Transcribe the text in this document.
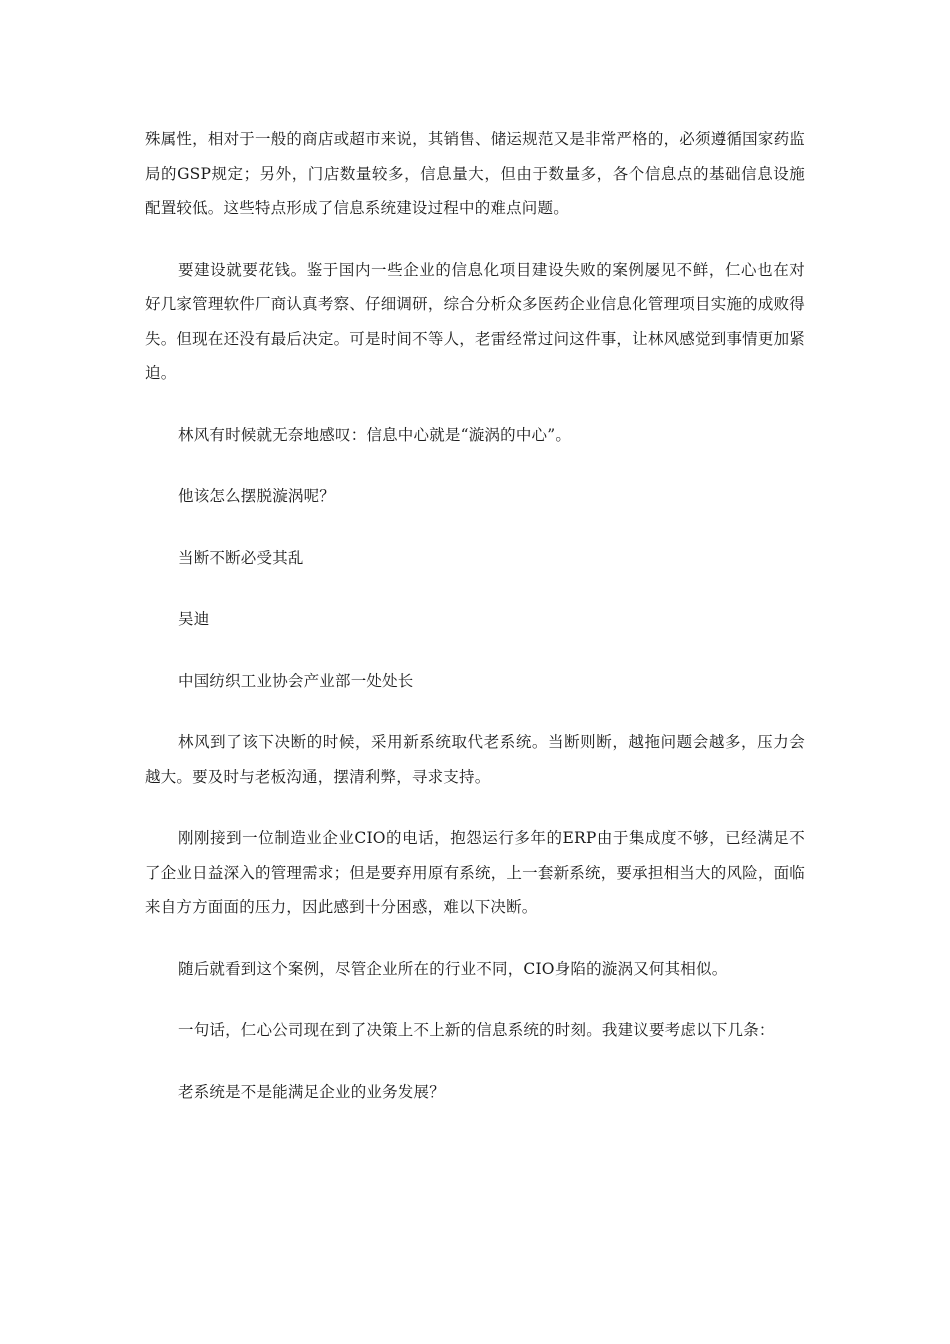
殊属性，相对于一般的商店或超市来说，其销售、储运规范又是非常严格的，必须遵循国家药监局的GSP规定；另外，门店数量较多，信息量大，但由于数量多，各个信息点的基础信息设施配置较低。这些特点形成了信息系统建设过程中的难点问题。

要建设就要花钱。鉴于国内一些企业的信息化项目建设失败的案例屡见不鲜，仁心也在对好几家管理软件厂商认真考察、仔细调研，综合分析众多医药企业信息化管理项目实施的成败得失。但现在还没有最后决定。可是时间不等人，老雷经常过问这件事，让林风感觉到事情更加紧迫。

林风有时候就无奈地感叹：信息中心就是“漩涡的中心”。

他该怎么摆脱漩涡呢？

当断不断必受其乱

吴迪

中国纺织工业协会产业部一处处长

林风到了该下决断的时候，采用新系统取代老系统。当断则断，越拖问题会越多，压力会越大。要及时与老板沟通，摆清利弊，寻求支持。

刚刚接到一位制造业企业CIO的电话，抱怨运行多年的ERP由于集成度不够，已经满足不了企业日益深入的管理需求；但是要弃用原有系统，上一套新系统，要承担相当大的风险，面临来自方方面面的压力，因此感到十分困惑，难以下决断。

随后就看到这个案例，尽管企业所在的行业不同，CIO身陷的漩涡又何其相似。

一句话，仁心公司现在到了决策上不上新的信息系统的时刻。我建议要考虑以下几条：

老系统是不是能满足企业的业务发展？
